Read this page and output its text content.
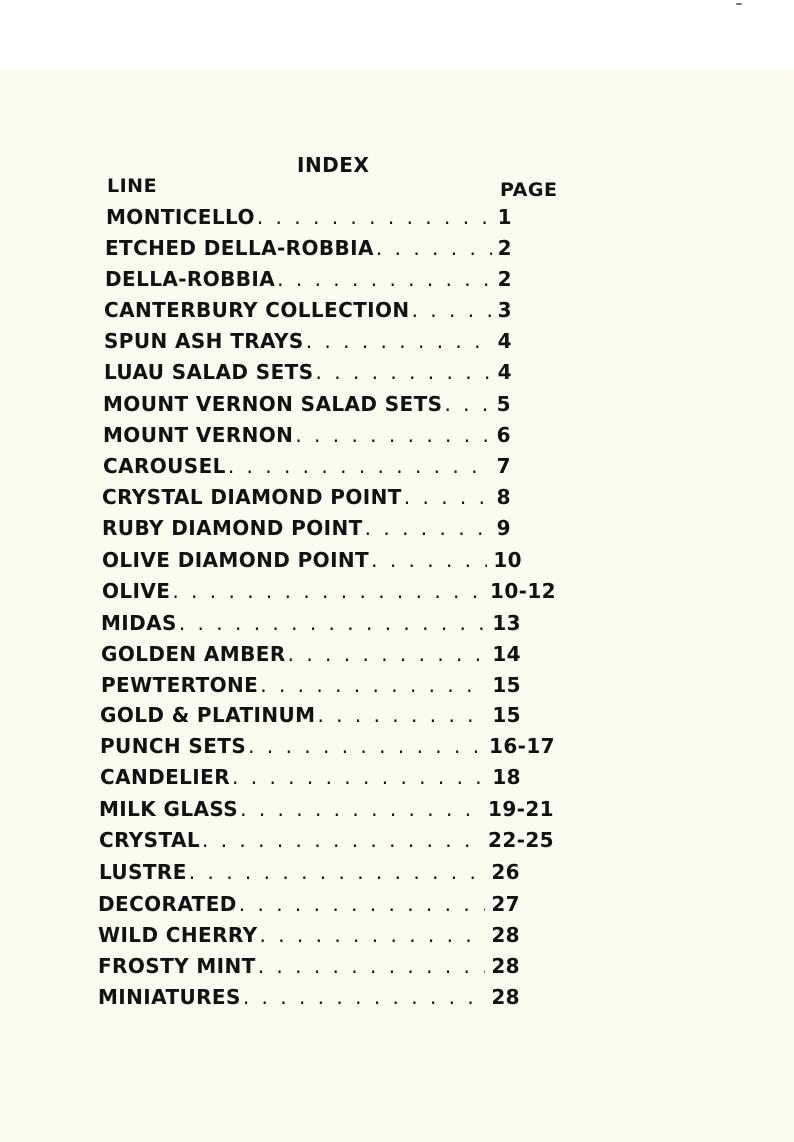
INDEX
LINE	PAGE
MONTICELLO . . .	1
ETCHED DELLA-ROBBIA . . .	2
DELLA-ROBBIA . . .	2
CANTERBURY COLLECTION . . .	3
SPUN ASH TRAYS . . .	4
LUAU SALAD SETS . . .	4
MOUNT VERNON SALAD SETS . . .	5
MOUNT VERNON . . .	6
CAROUSEL . . .	7
CRYSTAL DIAMOND POINT . . .	8
RUBY DIAMOND POINT . . .	9
OLIVE DIAMOND POINT . . .	10
OLIVE . . .	10-12
MIDAS . . .	13
GOLDEN AMBER . . .	14
PEWTERTONE . . .	15
GOLD & PLATINUM . . .	15
PUNCH SETS . . .	16-17
CANDELIER . . .	18
MILK GLASS . . .	19-21
CRYSTAL . . .	22-25
LUSTRE . . .	26
DECORATED . . .	27
WILD CHERRY . . .	28
FROSTY MINT . . .	28
MINIATURES . . .	28
